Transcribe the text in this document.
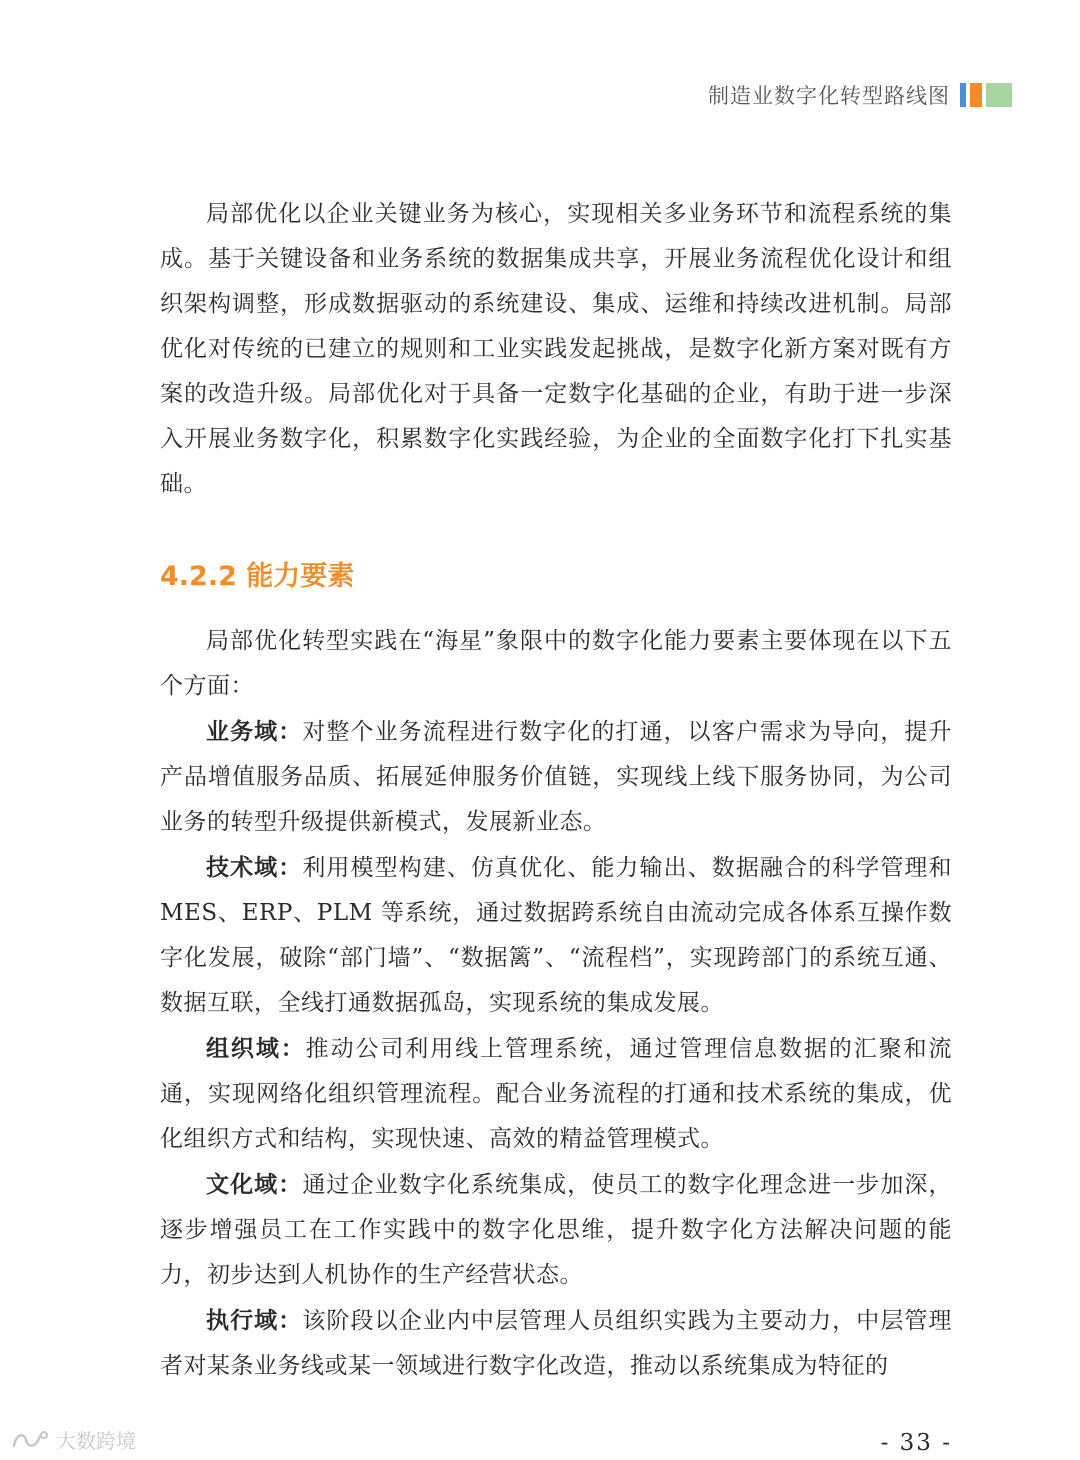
制造业数字化转型路线图

局部优化以企业关键业务为核心，实现相关多业务环节和流程系统的集成。基于关键设备和业务系统的数据集成共享，开展业务流程优化设计和组织架构调整，形成数据驱动的系统建设、集成、运维和持续改进机制。局部优化对传统的已建立的规则和工业实践发起挑战，是数字化新方案对既有方案的改造升级。局部优化对于具备一定数字化基础的企业，有助于进一步深入开展业务数字化，积累数字化实践经验，为企业的全面数字化打下扎实基础。

4.2.2 能力要素

局部优化转型实践在“海星”象限中的数字化能力要素主要体现在以下五个方面：

业务域：对整个业务流程进行数字化的打通，以客户需求为导向，提升产品增值服务品质、拓展延伸服务价值链，实现线上线下服务协同，为公司业务的转型升级提供新模式，发展新业态。

技术域：利用模型构建、仿真优化、能力输出、数据融合的科学管理和 MES、ERP、PLM 等系统，通过数据跨系统自由流动完成各体系互操作数字化发展，破除“部门墙”、“数据篱”、“流程档”，实现跨部门的系统互通、数据互联，全线打通数据孤岛，实现系统的集成发展。

组织域：推动公司利用线上管理系统，通过管理信息数据的汇聚和流通，实现网络化组织管理流程。配合业务流程的打通和技术系统的集成，优化组织方式和结构，实现快速、高效的精益管理模式。

文化域：通过企业数字化系统集成，使员工的数字化理念进一步加深，逐步增强员工在工作实践中的数字化思维，提升数字化方法解决问题的能力，初步达到人机协作的生产经营状态。

执行域：该阶段以企业内中层管理人员组织实践为主要动力，中层管理者对某条业务线或某一领域进行数字化改造，推动以系统集成为特征的

- 33 -
大数跨境
